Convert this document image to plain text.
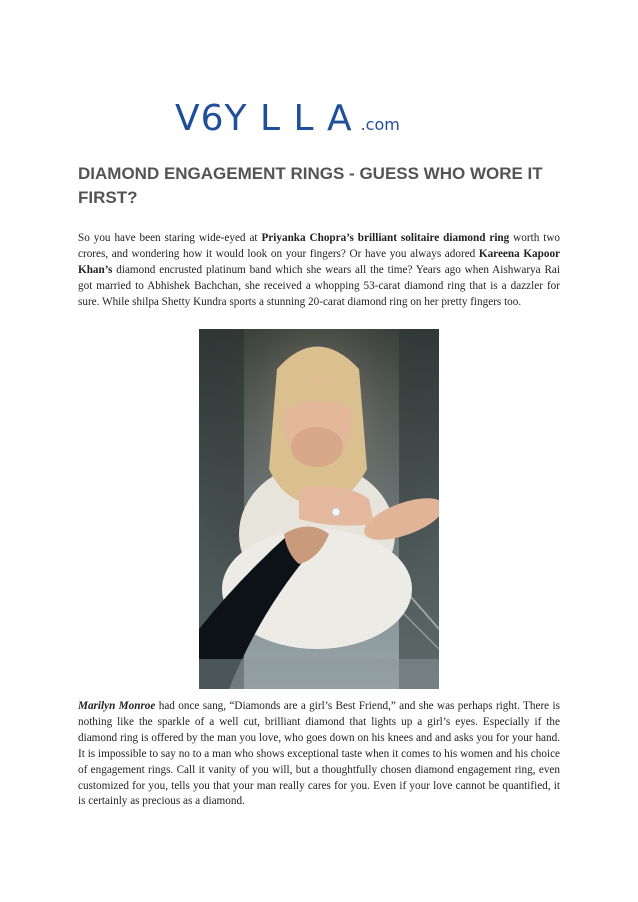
V6Y L L A .com
DIAMOND ENGAGEMENT RINGS - GUESS WHO WORE IT FIRST?

So you have been staring wide-eyed at Priyanka Chopra’s brilliant solitaire diamond ring worth two crores, and wondering how it would look on your fingers? Or have you always adored Kareena Kapoor Khan’s diamond encrusted platinum band which she wears all the time? Years ago when Aishwarya Rai got married to Abhishek Bachchan, she received a whopping 53-carat diamond ring that is a dazzler for sure. While shilpa Shetty Kundra sports a stunning 20-carat diamond ring on her pretty fingers too.

Marilyn Monroe had once sang, “Diamonds are a girl’s Best Friend,” and she was perhaps right. There is nothing like the sparkle of a well cut, brilliant diamond that lights up a girl’s eyes. Especially if the diamond ring is offered by the man you love, who goes down on his knees and and asks you for your hand. It is impossible to say no to a man who shows exceptional taste when it comes to his women and his choice of engagement rings. Call it vanity of you will, but a thoughtfully chosen diamond engagement ring, even customized for you, tells you that your man really cares for you. Even if your love cannot be quantified, it is certainly as precious as a diamond.
